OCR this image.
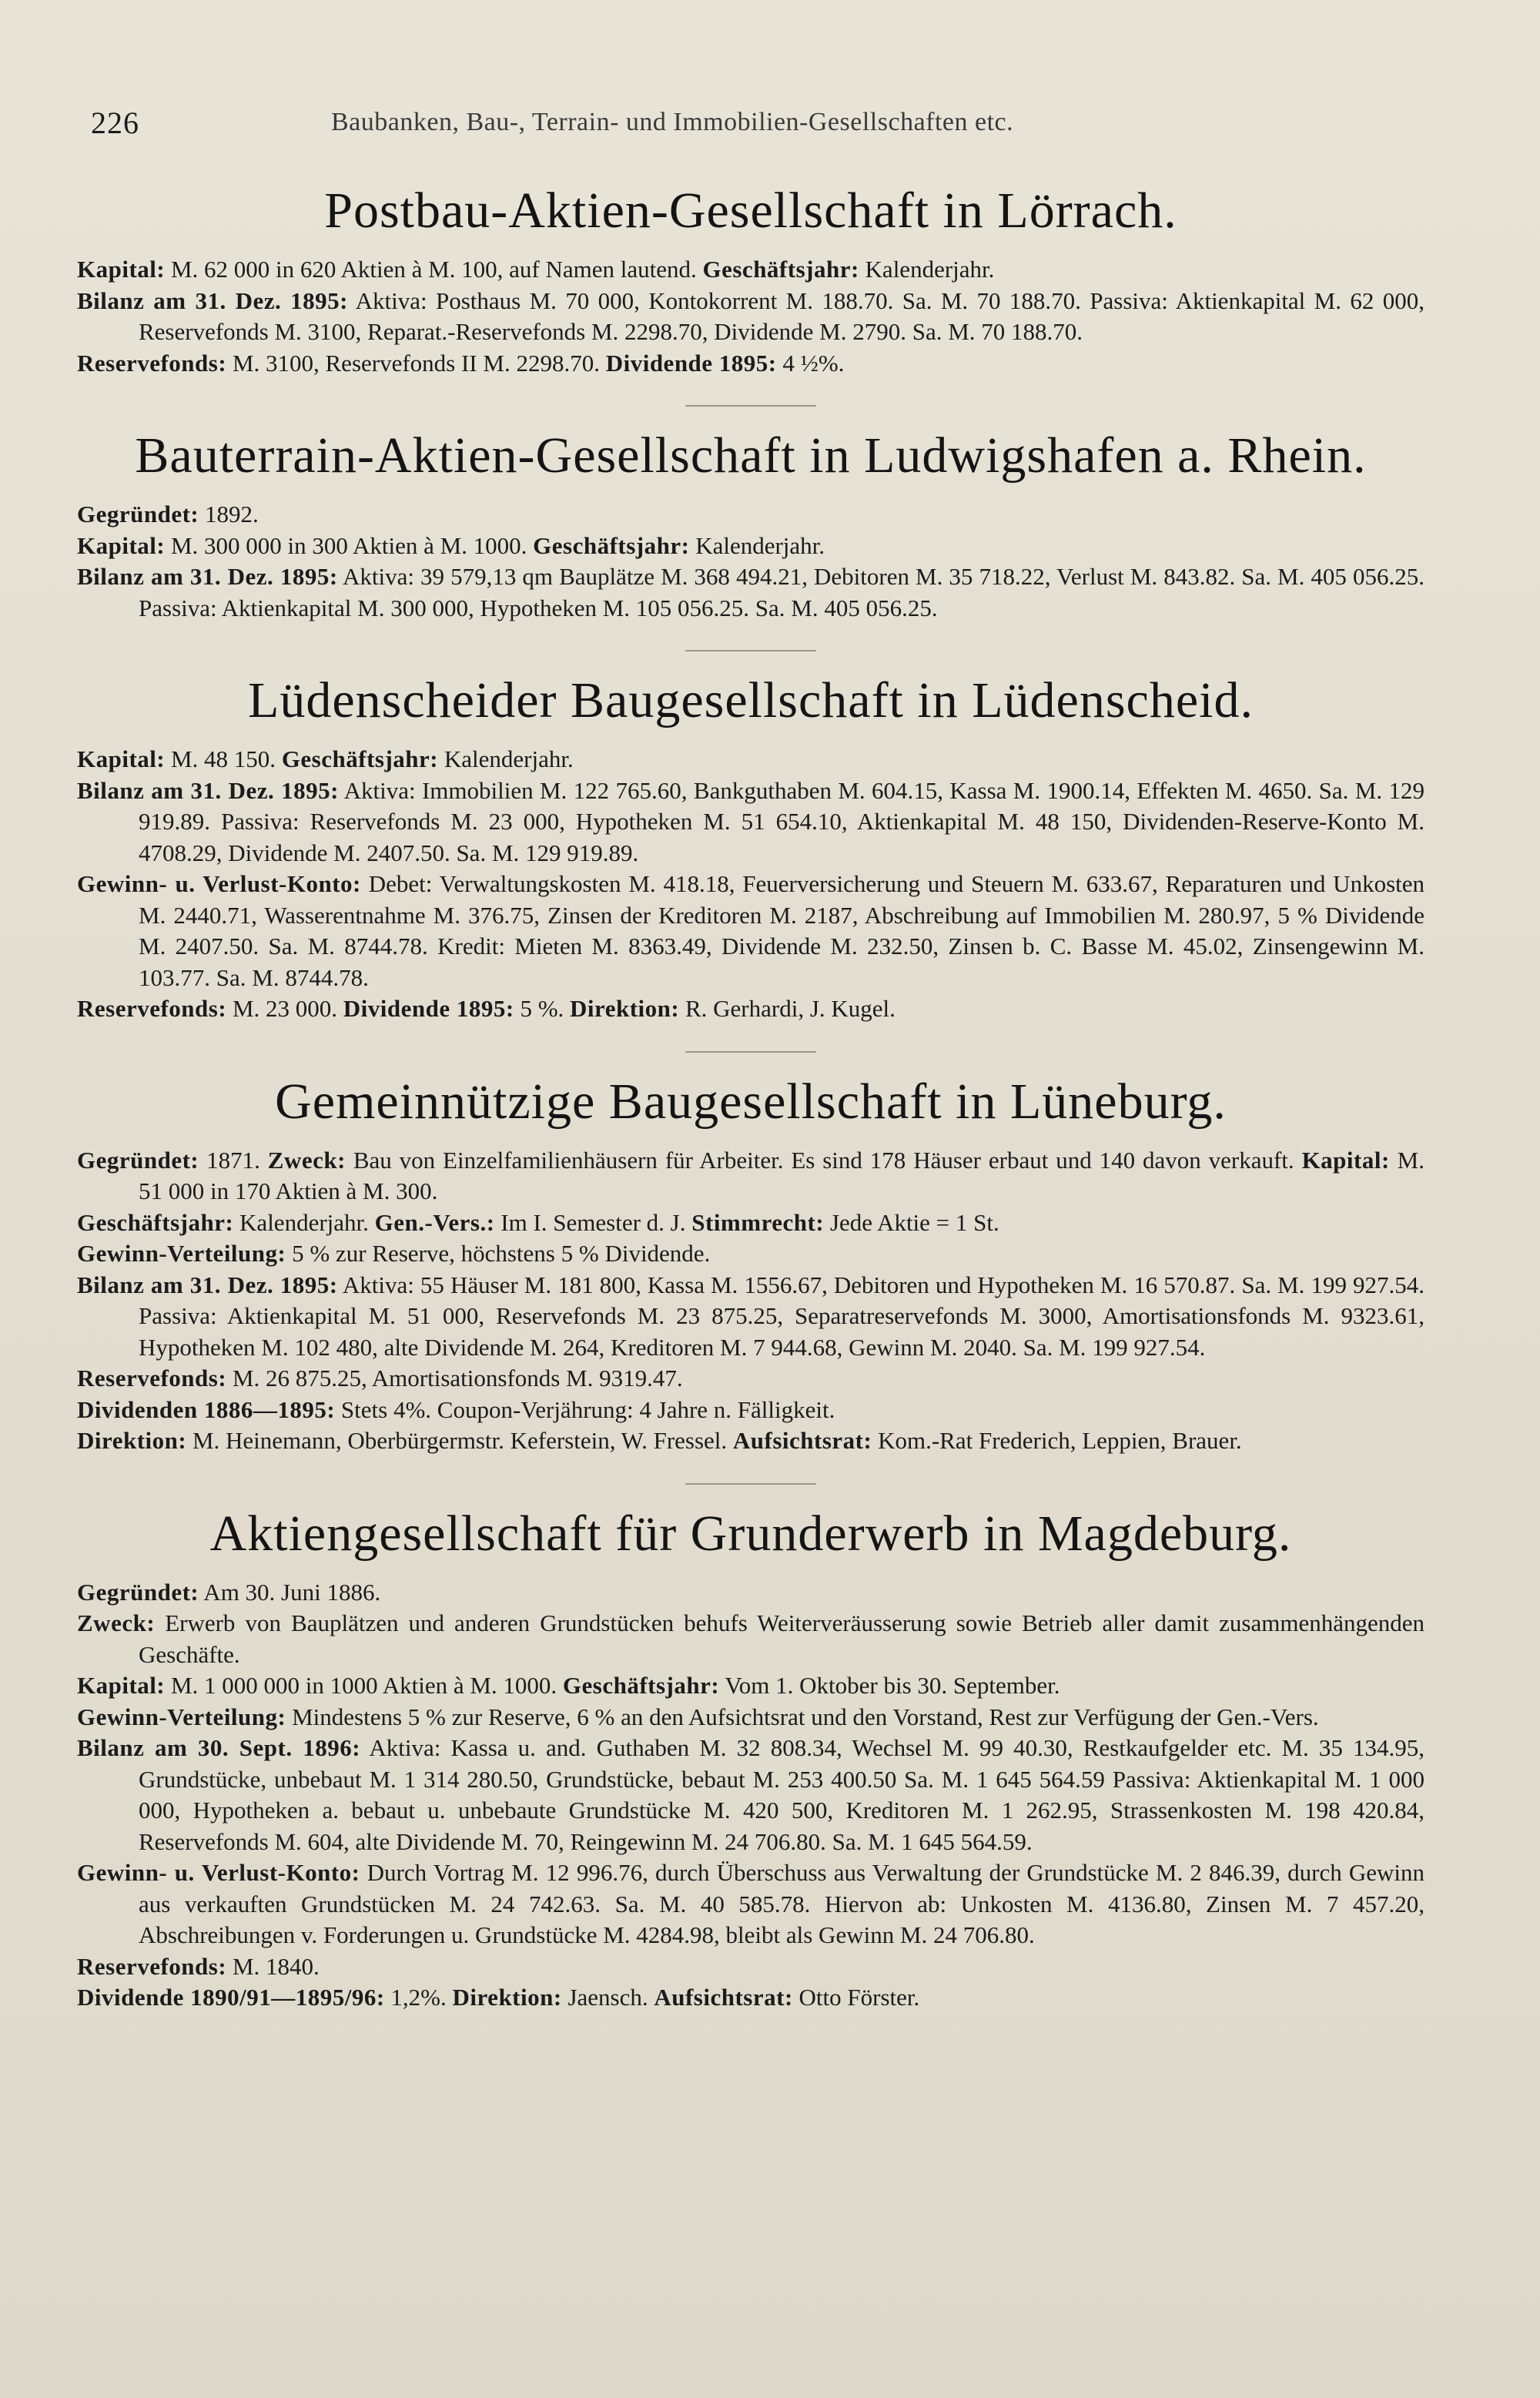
226	Baubanken, Bau-, Terrain- und Immobilien-Gesellschaften etc.
Postbau-Aktien-Gesellschaft in Lörrach.

Kapital: M. 62 000 in 620 Aktien à M. 100, auf Namen lautend. Geschäftsjahr: Kalenderjahr.

Bilanz am 31. Dez. 1895: Aktiva: Posthaus M. 70 000, Kontokorrent M. 188.70. Sa. M. 70 188.70. Passiva: Aktienkapital M. 62 000, Reservefonds M. 3100, Reparat.-Reservefonds M. 2298.70, Dividende M. 2790. Sa. M. 70 188.70.

Reservefonds: M. 3100, Reservefonds II M. 2298.70. Dividende 1895: 4 ½%.

Bauterrain-Aktien-Gesellschaft in Ludwigshafen a. Rhein.

Gegründet: 1892.

Kapital: M. 300 000 in 300 Aktien à M. 1000. Geschäftsjahr: Kalenderjahr.

Bilanz am 31. Dez. 1895: Aktiva: 39 579,13 qm Bauplätze M. 368 494.21, Debitoren M. 35 718.22, Verlust M. 843.82. Sa. M. 405 056.25. Passiva: Aktienkapital M. 300 000, Hypotheken M. 105 056.25. Sa. M. 405 056.25.

Lüdenscheider Baugesellschaft in Lüdenscheid.

Kapital: M. 48 150. Geschäftsjahr: Kalenderjahr.

Bilanz am 31. Dez. 1895: Aktiva: Immobilien M. 122 765.60, Bankguthaben M. 604.15, Kassa M. 1900.14, Effekten M. 4650. Sa. M. 129 919.89. Passiva: Reservefonds M. 23 000, Hypotheken M. 51 654.10, Aktienkapital M. 48 150, Dividenden-Reserve-Konto M. 4708.29, Dividende M. 2407.50. Sa. M. 129 919.89.

Gewinn- u. Verlust-Konto: Debet: Verwaltungskosten M. 418.18, Feuerversicherung und Steuern M. 633.67, Reparaturen und Unkosten M. 2440.71, Wasserentnahme M. 376.75, Zinsen der Kreditoren M. 2187, Abschreibung auf Immobilien M. 280.97, 5 % Dividende M. 2407.50. Sa. M. 8744.78. Kredit: Mieten M. 8363.49, Dividende M. 232.50, Zinsen b. C. Basse M. 45.02, Zinsengewinn M. 103.77. Sa. M. 8744.78.

Reservefonds: M. 23 000. Dividende 1895: 5 %. Direktion: R. Gerhardi, J. Kugel.

Gemeinnützige Baugesellschaft in Lüneburg.

Gegründet: 1871. Zweck: Bau von Einzelfamilienhäusern für Arbeiter. Es sind 178 Häuser erbaut und 140 davon verkauft. Kapital: M. 51 000 in 170 Aktien à M. 300.

Geschäftsjahr: Kalenderjahr. Gen.-Vers.: Im I. Semester d. J. Stimmrecht: Jede Aktie = 1 St.

Gewinn-Verteilung: 5 % zur Reserve, höchstens 5 % Dividende.

Bilanz am 31. Dez. 1895: Aktiva: 55 Häuser M. 181 800, Kassa M. 1556.67, Debitoren und Hypotheken M. 16 570.87. Sa. M. 199 927.54. Passiva: Aktienkapital M. 51 000, Reservefonds M. 23 875.25, Separatreservefonds M. 3000, Amortisationsfonds M. 9323.61, Hypotheken M. 102 480, alte Dividende M. 264, Kreditoren M. 7 944.68, Gewinn M. 2040. Sa. M. 199 927.54.

Reservefonds: M. 26 875.25, Amortisationsfonds M. 9319.47.

Dividenden 1886—1895: Stets 4%. Coupon-Verjährung: 4 Jahre n. Fälligkeit.

Direktion: M. Heinemann, Oberbürgermstr. Keferstein, W. Fressel. Aufsichtsrat: Kom.-Rat Frederich, Leppien, Brauer.

Aktiengesellschaft für Grunderwerb in Magdeburg.

Gegründet: Am 30. Juni 1886.

Zweck: Erwerb von Bauplätzen und anderen Grundstücken behufs Weiterveräusserung sowie Betrieb aller damit zusammenhängenden Geschäfte.

Kapital: M. 1 000 000 in 1000 Aktien à M. 1000. Geschäftsjahr: Vom 1. Oktober bis 30. September.

Gewinn-Verteilung: Mindestens 5 % zur Reserve, 6 % an den Aufsichtsrat und den Vorstand, Rest zur Verfügung der Gen.-Vers.

Bilanz am 30. Sept. 1896: Aktiva: Kassa u. and. Guthaben M. 32 808.34, Wechsel M. 99 40.30, Restkaufgelder etc. M. 35 134.95, Grundstücke, unbebaut M. 1 314 280.50, Grundstücke, bebaut M. 253 400.50 Sa. M. 1 645 564.59 Passiva: Aktienkapital M. 1 000 000, Hypotheken a. bebaut u. unbebaute Grundstücke M. 420 500, Kreditoren M. 1 262.95, Strassenkosten M. 198 420.84, Reservefonds M. 604, alte Dividende M. 70, Reingewinn M. 24 706.80. Sa. M. 1 645 564.59.

Gewinn- u. Verlust-Konto: Durch Vortrag M. 12 996.76, durch Überschuss aus Verwaltung der Grundstücke M. 2 846.39, durch Gewinn aus verkauften Grundstücken M. 24 742.63. Sa. M. 40 585.78. Hiervon ab: Unkosten M. 4136.80, Zinsen M. 7 457.20, Abschreibungen v. Forderungen u. Grundstücke M. 4284.98, bleibt als Gewinn M. 24 706.80.

Reservefonds: M. 1840.

Dividende 1890/91—1895/96: 1,2%. Direktion: Jaensch. Aufsichtsrat: Otto Förster.
